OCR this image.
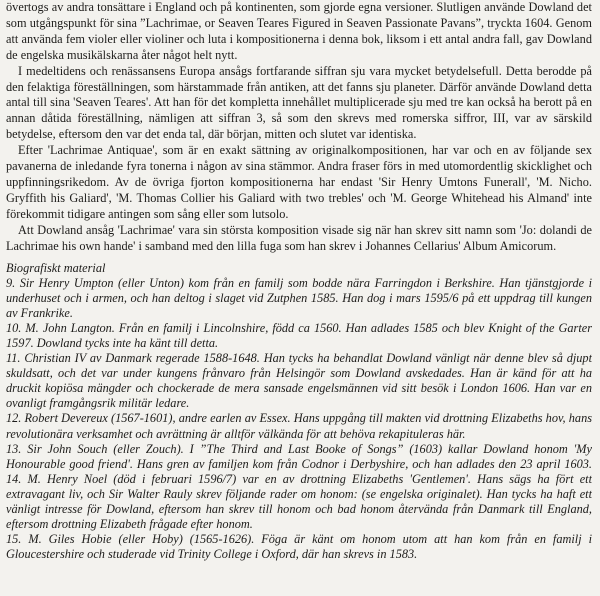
övertogs av andra tonsättare i England och på kontinenten, som gjorde egna versioner. Slutligen använde Dowland det som utgångspunkt för sina ”Lachrimae, or Seaven Teares Figured in Seaven Passionate Pavans”, tryckta 1604. Genom att använda fem violer eller violiner och luta i kompositionerna i denna bok, liksom i ett antal andra fall, gav Dowland de engelska musikälskarna åter något helt nytt.

I medeltidens och renässansens Europa ansågs fortfarande siffran sju vara mycket betydelsefull. Detta berodde på den felaktiga föreställningen, som härstammade från antiken, att det fanns sju planeter. Därför använde Dowland detta antal till sina 'Seaven Teares'. Att han för det kompletta innehållet multiplicerade sju med tre kan också ha berott på en annan dåtida föreställning, nämligen att siffran 3, så som den skrevs med romerska siffror, III, var av särskild betydelse, eftersom den var det enda tal, där början, mitten och slutet var identiska.

Efter 'Lachrimae Antiquae', som är en exakt sättning av originalkompositionen, har var och en av följande sex pavanerna de inledande fyra tonerna i någon av sina stämmor. Andra fraser förs in med utomordentlig skicklighet och uppfinningsrikedom. Av de övriga fjorton kompositionerna har endast 'Sir Henry Umtons Funerall', 'M. Nicho. Gryffith his Galiard', 'M. Thomas Collier his Galiard with two trebles' och 'M. George Whitehead his Almand' inte förekommit tidigare antingen som sång eller som lutsolo.

Att Dowland ansåg 'Lachrimae' vara sin största komposition visade sig när han skrev sitt namn som 'Jo: dolandi de Lachrimae his own hande' i samband med den lilla fuga som han skrev i Johannes Cellarius' Album Amicorum.

Biografiskt material

9. Sir Henry Umpton (eller Unton) kom från en familj som bodde nära Farringdon i Berkshire. Han tjänstgjorde i underhuset och i armen, och han deltog i slaget vid Zutphen 1585. Han dog i mars 1595/6 på ett uppdrag till kungen av Frankrike.

10. M. John Langton. Från en familj i Lincolnshire, född ca 1560. Han adlades 1585 och blev Knight of the Garter 1597. Dowland tycks inte ha känt till detta.

11. Christian IV av Danmark regerade 1588-1648. Han tycks ha behandlat Dowland vänligt när denne blev så djupt skuldsatt, och det var under kungens frånvaro från Helsingör som Dowland avskedades. Han är känd för att ha druckit kopiösa mängder och chockerade de mera sansade engelsmännen vid sitt besök i London 1606. Han var en ovanligt framgångsrik militär ledare.

12. Robert Devereux (1567-1601), andre earlen av Essex. Hans uppgång till makten vid drottning Elizabeths hov, hans revolutionära verksamhet och avrättning är alltför välkända för att behöva rekapituleras här.

13. Sir John Souch (eller Zouch). I ”The Third and Last Booke of Songs” (1603) kallar Dowland honom 'My Honourable good friend'. Hans gren av familjen kom från Codnor i Derbyshire, och han adlades den 23 april 1603. 14. M. Henry Noel (död i februari 1596/7) var en av drottning Elizabeths 'Gentlemen'. Hans sägs ha fört ett extravagant liv, och Sir Walter Rauly skrev följande rader om honom: (se engelska originalet). Han tycks ha haft ett vänligt intresse för Dowland, eftersom han skrev till honom och bad honom återvända från Danmark till England, eftersom drottning Elizabeth frågade efter honom.

15. M. Giles Hobie (eller Hoby) (1565-1626). Föga är känt om honom utom att han kom från en familj i Gloucestershire och studerade vid Trinity College i Oxford, där han skrevs in 1583.
